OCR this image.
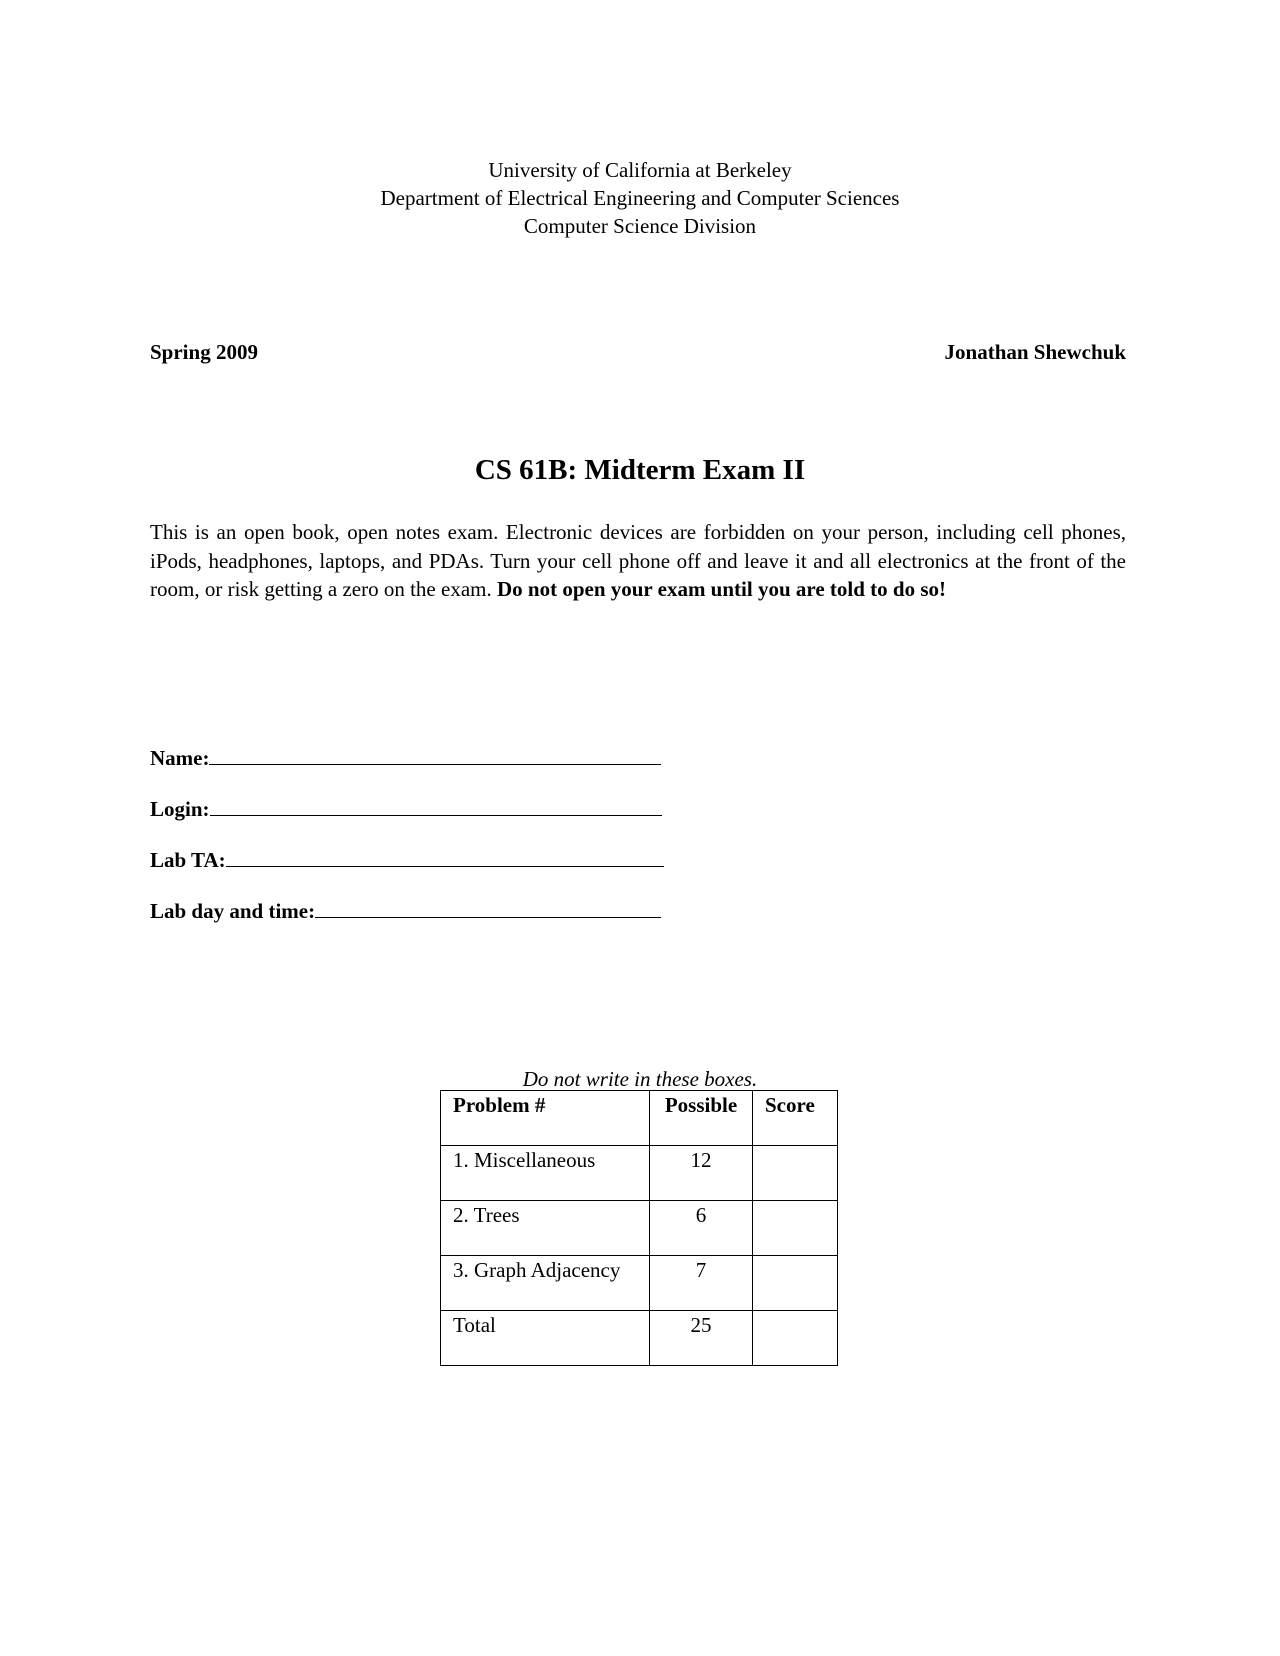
University of California at Berkeley
Department of Electrical Engineering and Computer Sciences
Computer Science Division
Spring 2009	Jonathan Shewchuk
CS 61B: Midterm Exam II
This is an open book, open notes exam. Electronic devices are forbidden on your person, including cell phones, iPods, headphones, laptops, and PDAs. Turn your cell phone off and leave it and all electronics at the front of the room, or risk getting a zero on the exam. Do not open your exam until you are told to do so!
Name:
Login:
Lab TA:
Lab day and time:
Do not write in these boxes.
Problem #	Possible	Score

1. Miscellaneous	12	

2. Trees	6	

3. Graph Adjacency	7	

Total	25	
